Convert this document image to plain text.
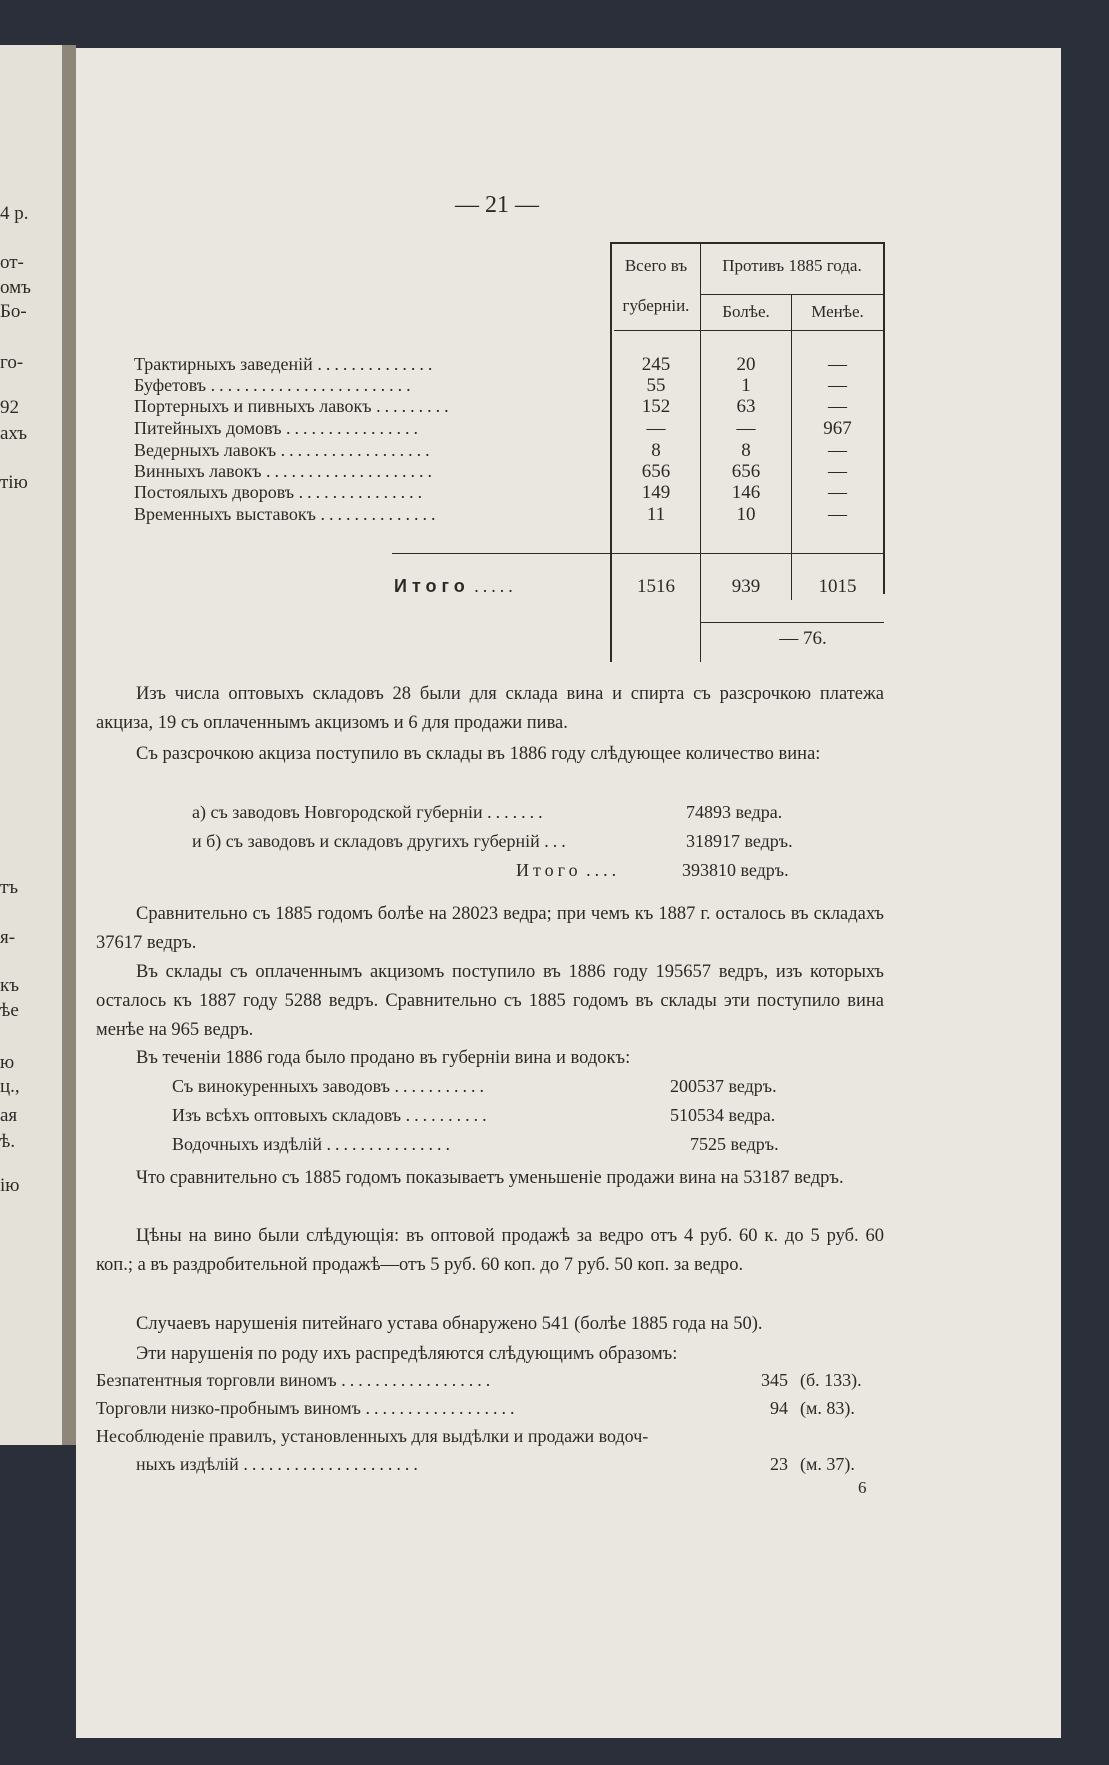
4 р.
от-
омъ
Бо-
го-
92
ахъ
тію
тъ
я-
къ
ѣе
ю
ц.,
ая
ѣ.
ію
— 21 —
Всего въ
губерніи.
Противъ 1885 года.
Болѣе.	Менѣе.
Трактирныхъ заведеній ..............	245	20	—
Буфетовъ ........................	55	1	—
Портерныхъ и пивныхъ лавокъ .........	152	63	—
Питейныхъ домовъ ................	—	—	967
Ведерныхъ лавокъ ..................	8	8	—
Винныхъ лавокъ ....................	656	656	—
Постоялыхъ дворовъ ...............	149	146	—
Временныхъ выставокъ ..............	11	10	—
Итого .....	1516	939	1015
— 76.

Изъ числа оптовыхъ складовъ 28 были для склада вина и спирта съ разсрочкою платежа акциза, 19 съ оплаченнымъ акцизомъ и 6 для продажи пива.

Съ разсрочкою акциза поступило въ склады въ 1886 году слѣдующее количество вина:

а) съ заводовъ Новгородской губерніи .......	74893 ведра.
и б) съ заводовъ и складовъ другихъ губерній ...	318917 ведръ.
Итого ....	393810 ведръ.

Сравнительно съ 1885 годомъ болѣе на 28023 ведра; при чемъ къ 1887 г. осталось въ складахъ 37617 ведръ.

Въ склады съ оплаченнымъ акцизомъ поступило въ 1886 году 195657 ведръ, изъ которыхъ осталось къ 1887 году 5288 ведръ. Сравнительно съ 1885 годомъ въ склады эти поступило вина менѣе на 965 ведръ.

Въ теченіи 1886 года было продано въ губерніи вина и водокъ:

Съ винокуренныхъ заводовъ ...........	200537 ведръ.
Изъ всѣхъ оптовыхъ складовъ ..........	510534 ведра.
Водочныхъ издѣлій ...............	7525 ведръ.

Что сравнительно съ 1885 годомъ показываетъ уменьшеніе продажи вина на 53187 ведръ.

Цѣны на вино были слѣдующія: въ оптовой продажѣ за ведро отъ 4 руб. 60 к. до 5 руб. 60 коп.; а въ раздробительной продажѣ—отъ 5 руб. 60 коп. до 7 руб. 50 коп. за ведро.

Случаевъ нарушенія питейнаго устава обнаружено 541 (болѣе 1885 года на 50).

Эти нарушенія по роду ихъ распредѣляются слѣдующимъ образомъ:

Безпатентныя торговли виномъ ..................	345 (б. 133).
Торговли низко-пробнымъ виномъ ..................	94 (м. 83).
Несоблюденіе правилъ, установленныхъ для выдѣлки и продажи водоч-
ныхъ издѣлій .....................	23 (м. 37).
6
